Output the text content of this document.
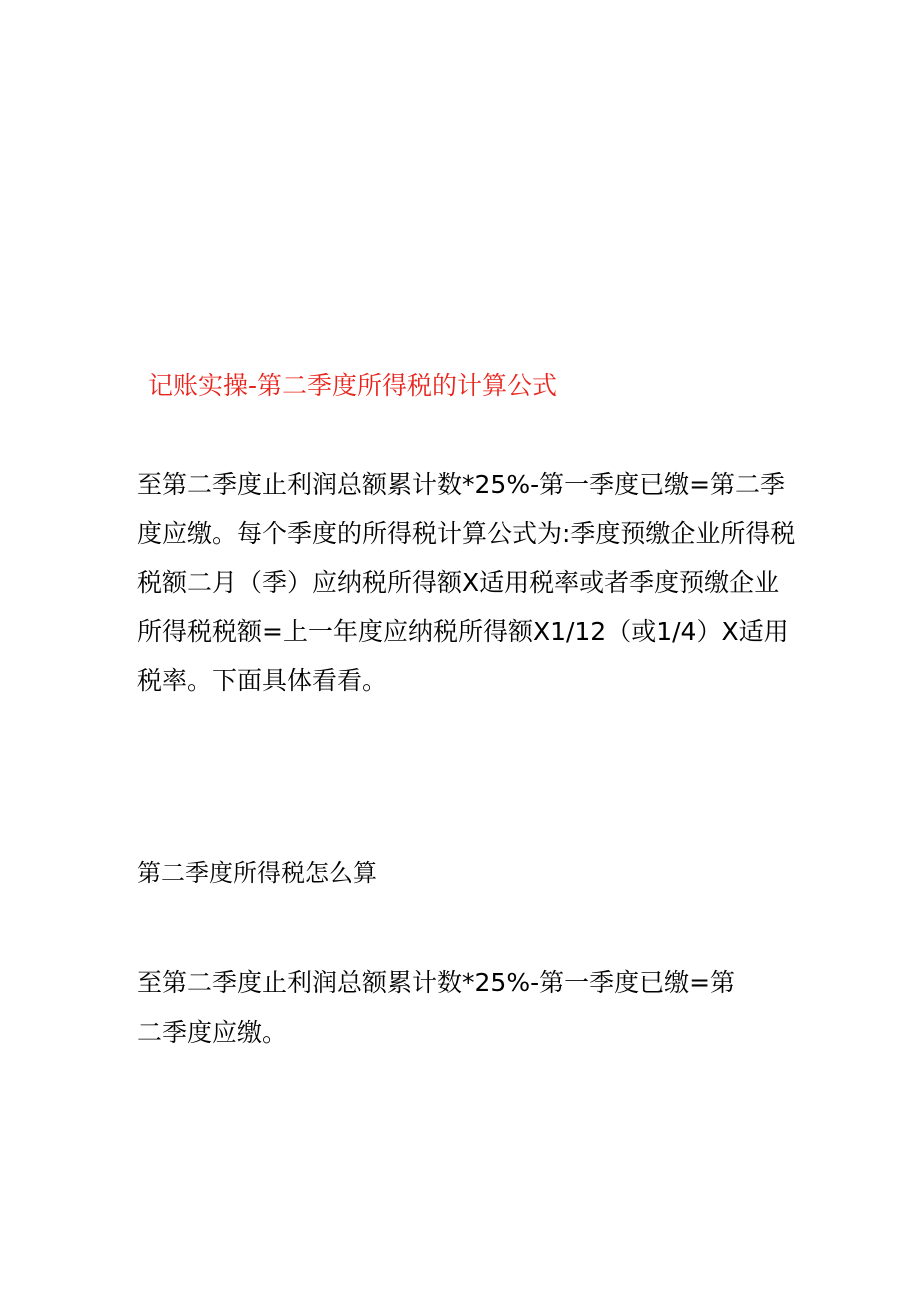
记账实操-第二季度所得税的计算公式

至第二季度止利润总额累计数*25%-第一季度已缴=第二季度应缴。每个季度的所得税计算公式为:季度预缴企业所得税税额二月（季）应纳税所得额X适用税率或者季度预缴企业所得税税额=上一年度应纳税所得额X1/12（或1/4）X适用税率。下面具体看看。

第二季度所得税怎么算

至第二季度止利润总额累计数*25%-第一季度已缴=第二季度应缴。
